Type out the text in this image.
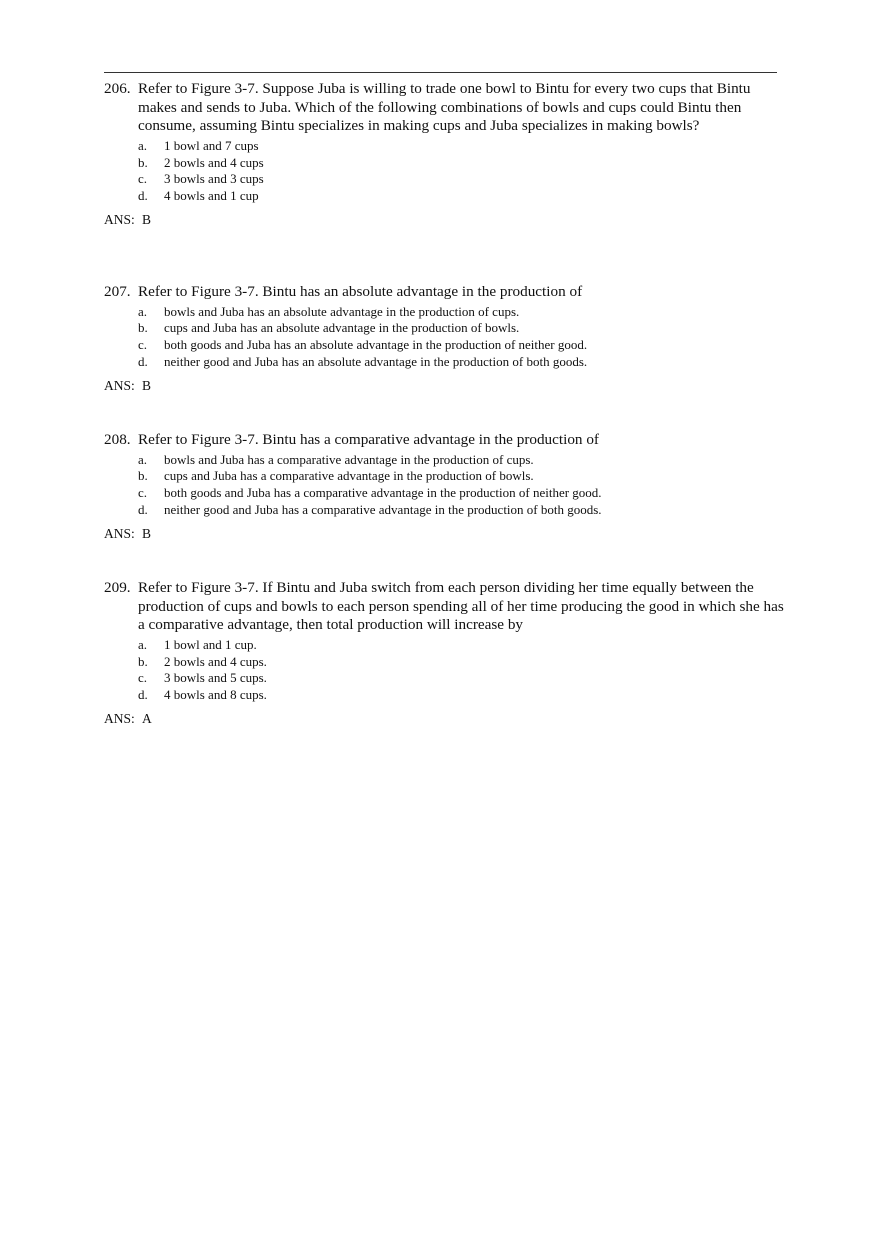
206. Refer to Figure 3-7. Suppose Juba is willing to trade one bowl to Bintu for every two cups that Bintu makes and sends to Juba. Which of the following combinations of bowls and cups could Bintu then consume, assuming Bintu specializes in making cups and Juba specializes in making bowls?
a. 1 bowl and 7 cups
b. 2 bowls and 4 cups
c. 3 bowls and 3 cups
d. 4 bowls and 1 cup
ANS: B
207. Refer to Figure 3-7. Bintu has an absolute advantage in the production of
a. bowls and Juba has an absolute advantage in the production of cups.
b. cups and Juba has an absolute advantage in the production of bowls.
c. both goods and Juba has an absolute advantage in the production of neither good.
d. neither good and Juba has an absolute advantage in the production of both goods.
ANS: B
208. Refer to Figure 3-7. Bintu has a comparative advantage in the production of
a. bowls and Juba has a comparative advantage in the production of cups.
b. cups and Juba has a comparative advantage in the production of bowls.
c. both goods and Juba has a comparative advantage in the production of neither good.
d. neither good and Juba has a comparative advantage in the production of both goods.
ANS: B
209. Refer to Figure 3-7. If Bintu and Juba switch from each person dividing her time equally between the production of cups and bowls to each person spending all of her time producing the good in which she has a comparative advantage, then total production will increase by
a. 1 bowl and 1 cup.
b. 2 bowls and 4 cups.
c. 3 bowls and 5 cups.
d. 4 bowls and 8 cups.
ANS: A
